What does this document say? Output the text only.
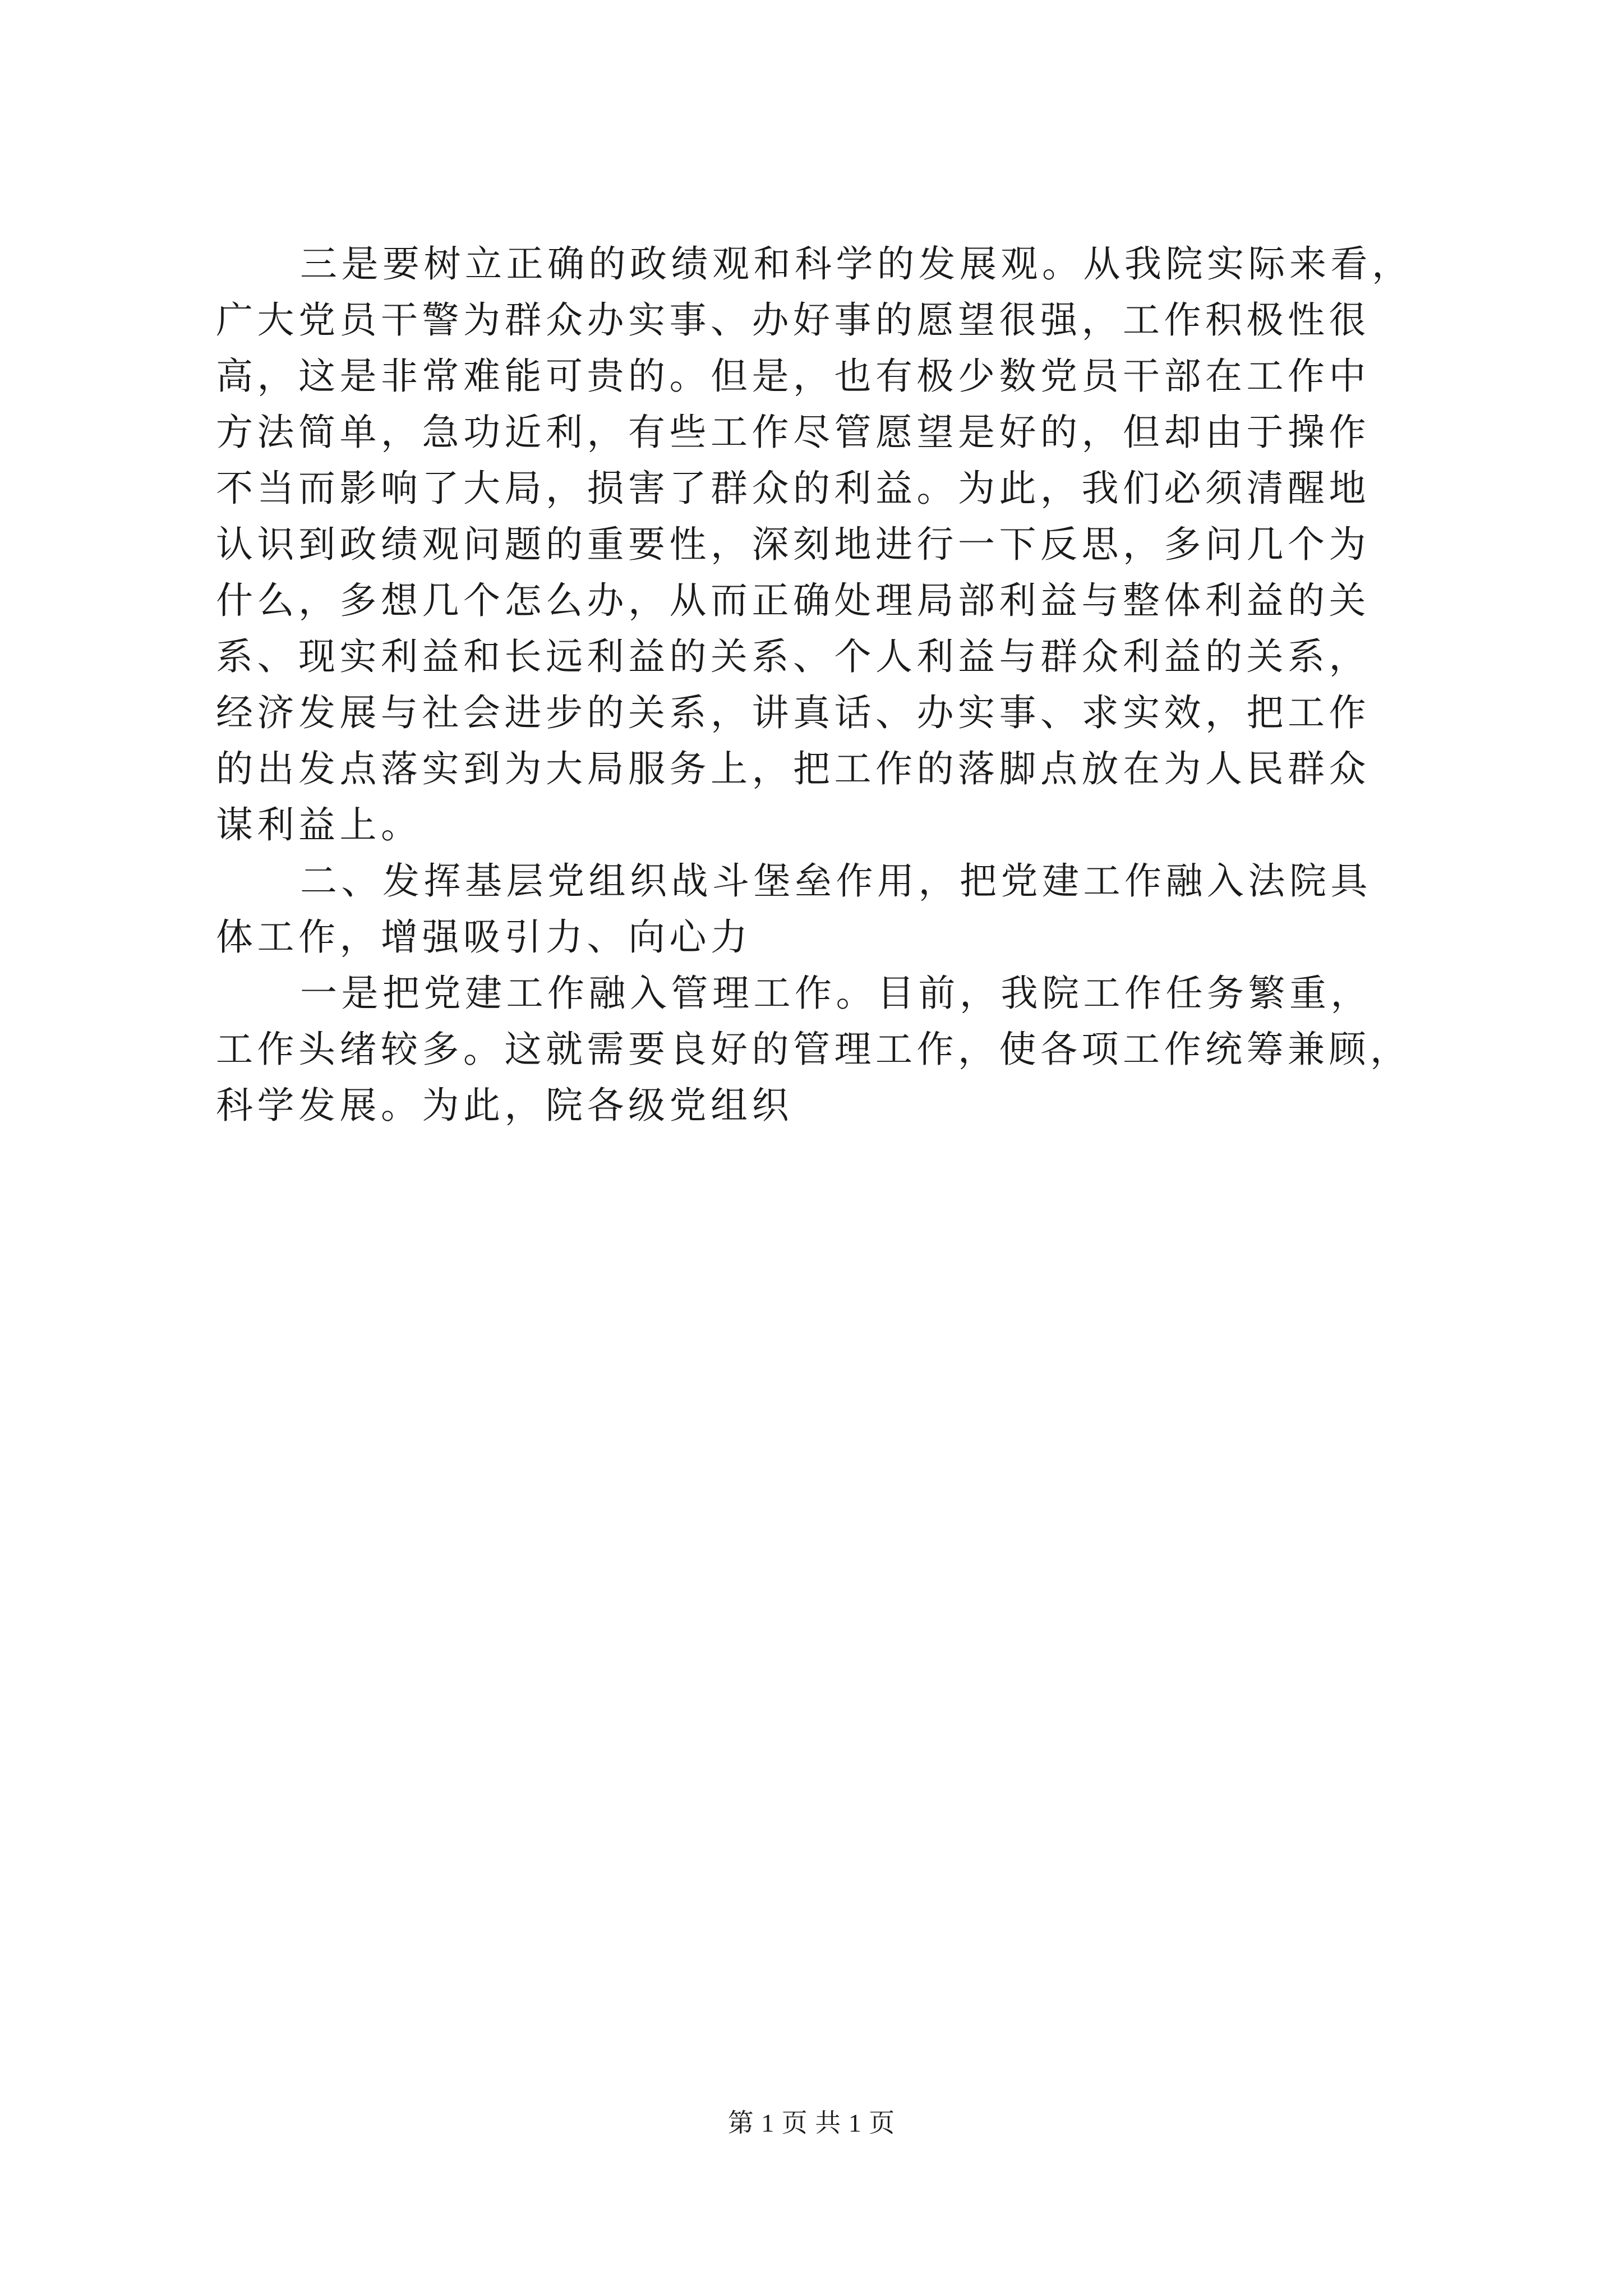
三是要树立正确的政绩观和科学的发展观。从我院实际来看，
广大党员干警为群众办实事、办好事的愿望很强，工作积极性很
高，这是非常难能可贵的。但是，也有极少数党员干部在工作中
方法简单，急功近利，有些工作尽管愿望是好的，但却由于操作
不当而影响了大局，损害了群众的利益。为此，我们必须清醒地
认识到政绩观问题的重要性，深刻地进行一下反思，多问几个为
什么，多想几个怎么办，从而正确处理局部利益与整体利益的关
系、现实利益和长远利益的关系、个人利益与群众利益的关系，
经济发展与社会进步的关系，讲真话、办实事、求实效，把工作
的出发点落实到为大局服务上，把工作的落脚点放在为人民群众
谋利益上。
二、发挥基层党组织战斗堡垒作用，把党建工作融入法院具
体工作，增强吸引力、向心力
一是把党建工作融入管理工作。目前，我院工作任务繁重，
工作头绪较多。这就需要良好的管理工作，使各项工作统筹兼顾，
科学发展。为此，院各级党组织
第 1 页 共 1 页
